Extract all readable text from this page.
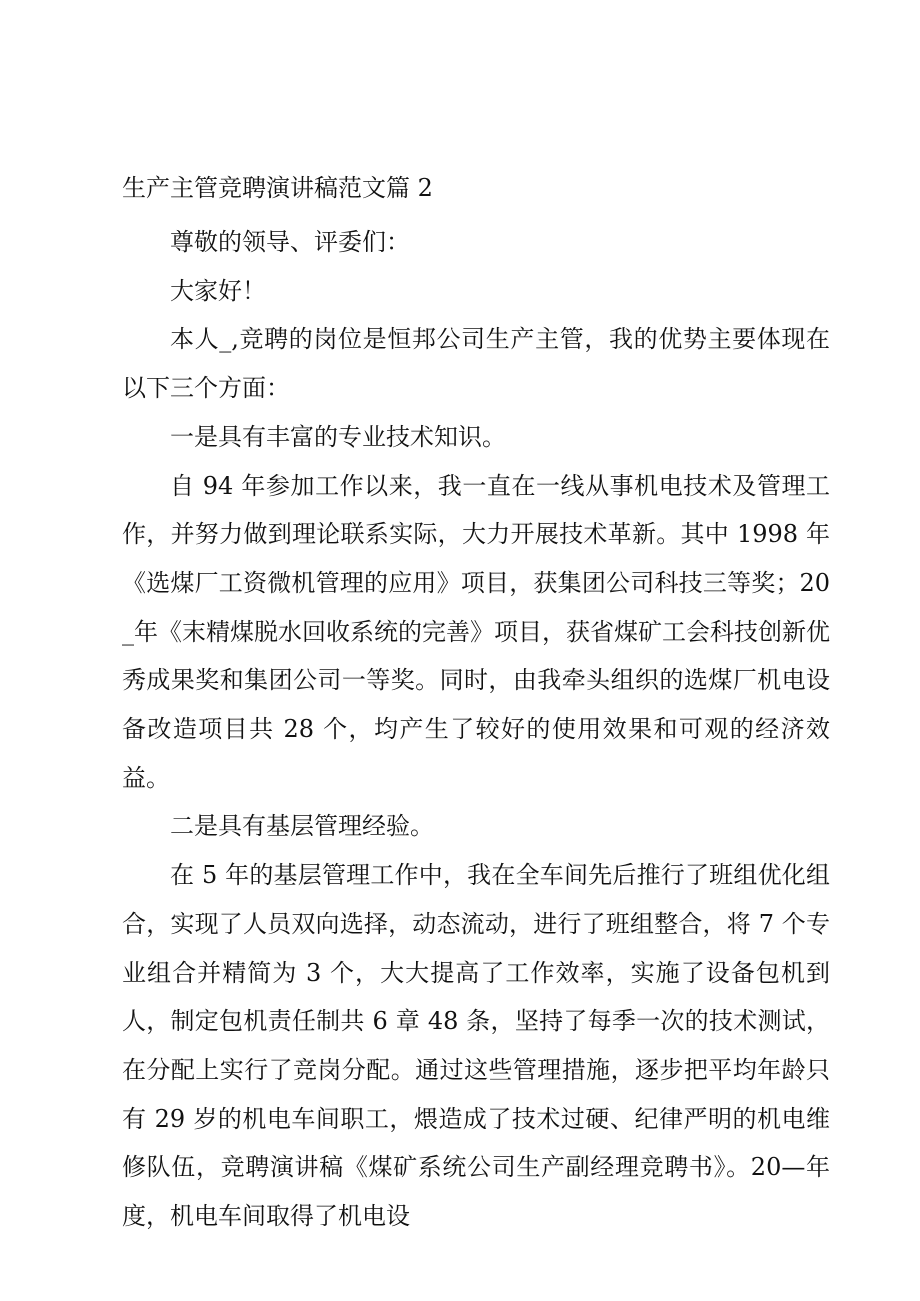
生产主管竞聘演讲稿范文篇 2

尊敬的领导、评委们：

大家好！

本人_,竞聘的岗位是恒邦公司生产主管，我的优势主要体现在以下三个方面：

一是具有丰富的专业技术知识。

自 94 年参加工作以来，我一直在一线从事机电技术及管理工作，并努力做到理论联系实际，大力开展技术革新。其中 1998 年《选煤厂工资微机管理的应用》项目，获集团公司科技三等奖；20_年《末精煤脱水回收系统的完善》项目，获省煤矿工会科技创新优秀成果奖和集团公司一等奖。同时，由我牵头组织的选煤厂机电设备改造项目共 28 个，均产生了较好的使用效果和可观的经济效益。

二是具有基层管理经验。

在 5 年的基层管理工作中，我在全车间先后推行了班组优化组合，实现了人员双向选择，动态流动，进行了班组整合，将 7 个专业组合并精简为 3 个，大大提高了工作效率，实施了设备包机到人，制定包机责任制共 6 章 48 条，坚持了每季一次的技术测试，在分配上实行了竞岗分配。通过这些管理措施，逐步把平均年龄只有 29 岁的机电车间职工，煨造成了技术过硬、纪律严明的机电维修队伍，竞聘演讲稿《煤矿系统公司生产副经理竞聘书》。20—年度，机电车间取得了机电设
